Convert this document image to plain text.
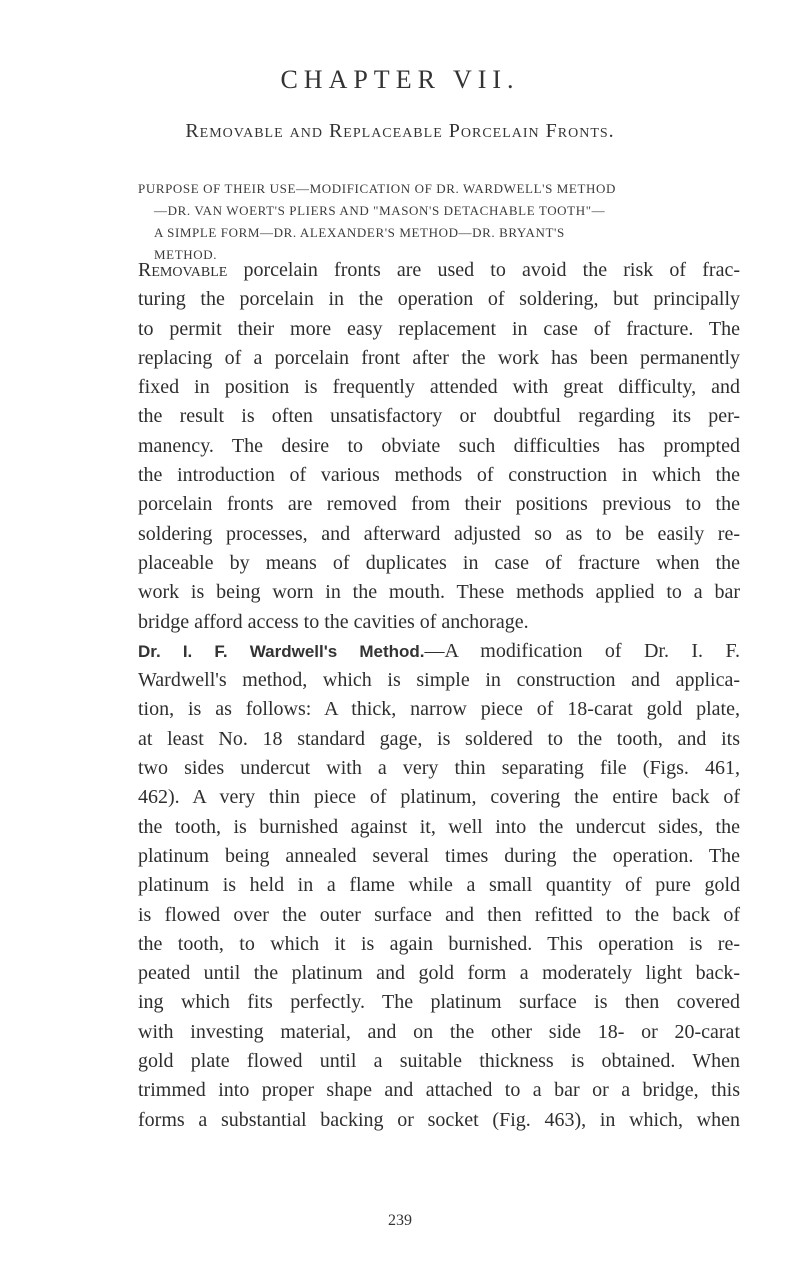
CHAPTER VII.
Removable and Replaceable Porcelain Fronts.
PURPOSE OF THEIR USE—MODIFICATION OF DR. WARDWELL'S METHOD
—DR. VAN WOERT'S PLIERS AND "MASON'S DETACHABLE TOOTH"—
A SIMPLE FORM—DR. ALEXANDER'S METHOD—DR. BRYANT'S
METHOD.
Removable porcelain fronts are used to avoid the risk of frac-
turing the porcelain in the operation of soldering, but principally
to permit their more easy replacement in case of fracture. The
replacing of a porcelain front after the work has been permanently
fixed in position is frequently attended with great difficulty, and
the result is often unsatisfactory or doubtful regarding its per-
manency. The desire to obviate such difficulties has prompted
the introduction of various methods of construction in which the
porcelain fronts are removed from their positions previous to the
soldering processes, and afterward adjusted so as to be easily re-
placeable by means of duplicates in case of fracture when the
work is being worn in the mouth. These methods applied to a bar
bridge afford access to the cavities of anchorage.
Dr. I. F. Wardwell's Method.—A modification of Dr. I. F.
Wardwell's method, which is simple in construction and applica-
tion, is as follows: A thick, narrow piece of 18-carat gold plate,
at least No. 18 standard gage, is soldered to the tooth, and its
two sides undercut with a very thin separating file (Figs. 461,
462). A very thin piece of platinum, covering the entire back of
the tooth, is burnished against it, well into the undercut sides, the
platinum being annealed several times during the operation. The
platinum is held in a flame while a small quantity of pure gold
is flowed over the outer surface and then refitted to the back of
the tooth, to which it is again burnished. This operation is re-
peated until the platinum and gold form a moderately light back-
ing which fits perfectly. The platinum surface is then covered
with investing material, and on the other side 18- or 20-carat
gold plate flowed until a suitable thickness is obtained. When
trimmed into proper shape and attached to a bar or a bridge, this
forms a substantial backing or socket (Fig. 463), in which, when
239
